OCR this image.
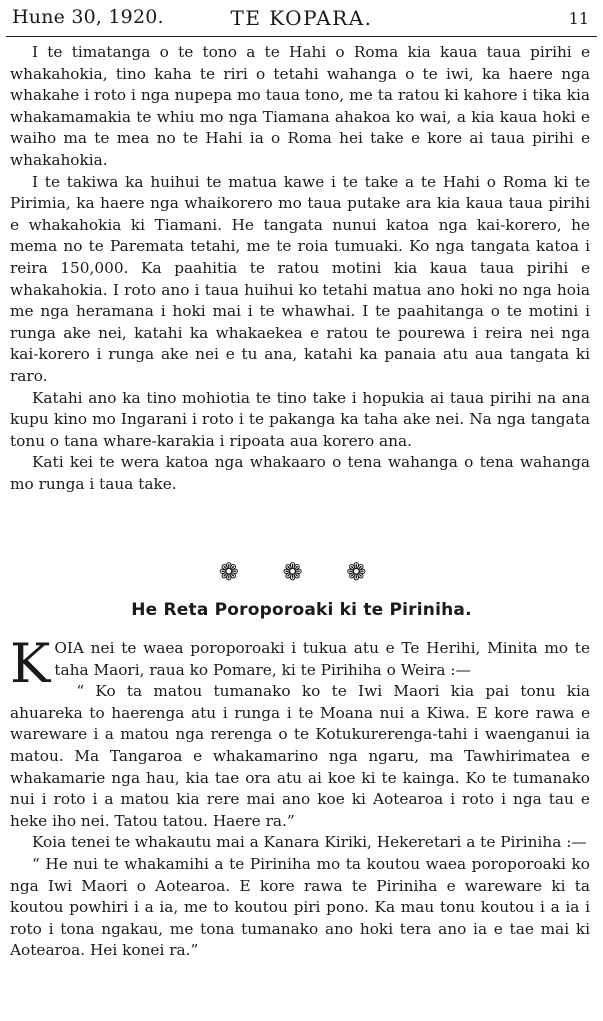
Hune 30, 1920.	TE KOPARA.	11

I te timatanga o te tono a te Hahi o Roma kia kaua taua pirihi e whakahokia, tino kaha te riri o tetahi wahanga o te iwi, ka haere nga whakahe i roto i nga nupepa mo taua tono, me ta ratou ki kahore i tika kia whakamamakia te whiu mo nga Tiamana ahakoa ko wai, a kia kaua hoki e waiho ma te mea no te Hahi ia o Roma hei take e kore ai taua pirihi e whakahokia.

I te takiwa ka huihui te matua kawe i te take a te Hahi o Roma ki te Pirimia, ka haere nga whaikorero mo taua putake ara kia kaua taua pirihi e whakahokia ki Tiamani. He tangata nunui katoa nga kai-korero, he mema no te Paremata tetahi, me te roia tumuaki. Ko nga tangata katoa i reira 150,000. Ka paahitia te ratou motini kia kaua taua pirihi e whakahokia. I roto ano i taua huihui ko tetahi matua ano hoki no nga hoia me nga heramana i hoki mai i te whawhai. I te paahitanga o te motini i runga ake nei, katahi ka whakaekea e ratou te pourewa i reira nei nga kai-korero i runga ake nei e tu ana, katahi ka panaia atu aua tangata ki raro.

Katahi ano ka tino mohiotia te tino take i hopukia ai taua pirihi na ana kupu kino mo Ingarani i roto i te pakanga ka taha ake nei. Na nga tangata tonu o tana whare-karakia i ripoata aua korero ana.

Kati kei te wera katoa nga whakaaro o tena wahanga o tena wahanga mo runga i taua take.

❁ ❁ ❁
He Reta Poroporoaki ki te Piriniha.

KOIA nei te waea poroporoaki i tukua atu e Te Herihi, Minita mo te taha Maori, raua ko Pomare, ki te Pirihiha o Weira :—

“ Ko ta matou tumanako ko te Iwi Maori kia pai tonu kia ahuareka to haerenga atu i runga i te Moana nui a Kiwa. E kore rawa e wareware i a matou nga rerenga o te Kotukurerenga-tahi i waenganui ia matou. Ma Tangaroa e whakamarino nga ngaru, ma Tawhirimatea e whakamarie nga hau, kia tae ora atu ai koe ki te kainga. Ko te tumanako nui i roto i a matou kia rere mai ano koe ki Aotearoa i roto i nga tau e heke iho nei. Tatou tatou. Haere ra.”

Koia tenei te whakautu mai a Kanara Kiriki, Hekeretari a te Piriniha :—

“ He nui te whakamihi a te Piriniha mo ta koutou waea poroporoaki ko nga Iwi Maori o Aotearoa. E kore rawa te Piriniha e wareware ki ta koutou powhiri i a ia, me to koutou piri pono. Ka mau tonu koutou i a ia i roto i tona ngakau, me tona tumanako ano hoki tera ano ia e tae mai ki Aotearoa. Hei konei ra.”
